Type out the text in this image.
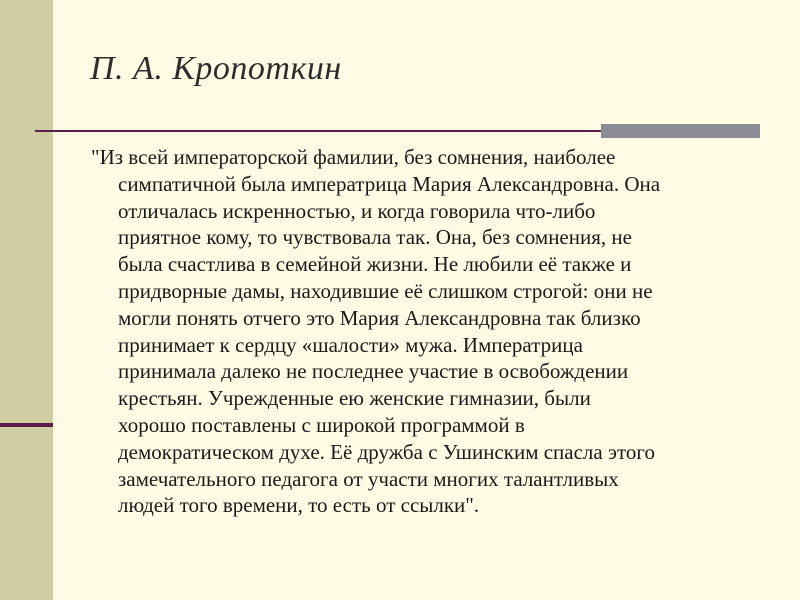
П. А. Кропоткин

"Из всей императорской фамилии, без сомнения, наиболее
симпатичной была императрица Мария Александровна. Она
отличалась искренностью, и когда говорила что-либо
приятное кому, то чувствовала так. Она, без сомнения, не
была счастлива в семейной жизни. Не любили её также и
придворные дамы, находившие её слишком строгой: они не
могли понять отчего это Мария Александровна так близко
принимает к сердцу «шалости» мужа. Императрица
принимала далеко не последнее участие в освобождении
крестьян. Учрежденные ею женские гимназии, были
хорошо поставлены с широкой программой в
демократическом духе. Её дружба с Ушинским спасла этого
замечательного педагога от участи многих талантливых
людей того времени, то есть от ссылки".
